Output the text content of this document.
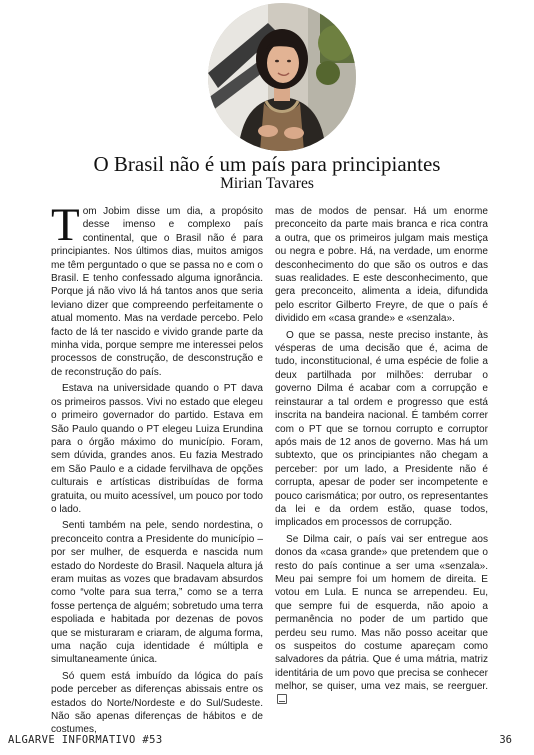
O Brasil não é um país para principiantes
Mirian Tavares

Tom Jobim disse um dia, a propósito desse imenso e complexo país continental, que o Brasil não é para principiantes. Nos últimos dias, muitos amigos me têm perguntado o que se passa no e com o Brasil. E tenho confessado alguma ignorância. Porque já não vivo lá há tantos anos que seria leviano dizer que compreendo perfeitamente o atual momento. Mas na verdade percebo. Pelo facto de lá ter nascido e vivido grande parte da minha vida, porque sempre me interessei pelos processos de construção, de desconstrução e de reconstrução do país.

Estava na universidade quando o PT dava os primeiros passos. Vivi no estado que elegeu o primeiro governador do partido. Estava em São Paulo quando o PT elegeu Luiza Erundina para o órgão máximo do município. Foram, sem dúvida, grandes anos. Eu fazia Mestrado em São Paulo e a cidade fervilhava de opções culturais e artísticas distribuídas de forma gratuita, ou muito acessível, um pouco por todo o lado.

Senti também na pele, sendo nordestina, o preconceito contra a Presidente do município – por ser mulher, de esquerda e nascida num estado do Nordeste do Brasil. Naquela altura já eram muitas as vozes que bradavam absurdos como “volte para sua terra,” como se a terra fosse pertença de alguém; sobretudo uma terra espoliada e habitada por dezenas de povos que se misturaram e criaram, de alguma forma, uma nação cuja identidade é múltipla e simultaneamente única.

Só quem está imbuído da lógica do país pode perceber as diferenças abissais entre os estados do Norte/Nordeste e do Sul/Sudeste. Não são apenas diferenças de hábitos e de costumes,

mas de modos de pensar. Há um enorme preconceito da parte mais branca e rica contra a outra, que os primeiros julgam mais mestiça ou negra e pobre. Há, na verdade, um enorme desconhecimento do que são os outros e das suas realidades. E este desconhecimento, que gera preconceito, alimenta a ideia, difundida pelo escritor Gilberto Freyre, de que o país é dividido em «casa grande» e «senzala».

O que se passa, neste preciso instante, às vésperas de uma decisão que é, acima de tudo, inconstitucional, é uma espécie de folie a deux partilhada por milhões: derrubar o governo Dilma é acabar com a corrupção e reinstaurar a tal ordem e progresso que está inscrita na bandeira nacional. É também correr com o PT que se tornou corrupto e corruptor após mais de 12 anos de governo. Mas há um subtexto, que os principiantes não chegam a perceber: por um lado, a Presidente não é corrupta, apesar de poder ser incompetente e pouco carismática; por outro, os representantes da lei e da ordem estão, quase todos, implicados em processos de corrupção.

Se Dilma cair, o país vai ser entregue aos donos da «casa grande» que pretendem que o resto do país continue a ser uma «senzala». Meu pai sempre foi um homem de direita. E votou em Lula. E nunca se arrependeu. Eu, que sempre fui de esquerda, não apoio a permanência no poder de um partido que perdeu seu rumo. Mas não posso aceitar que os suspeitos do costume apareçam como salvadores da pátria. Que é uma mátria, matriz identitária de um povo que precisa se conhecer melhor, se quiser, uma vez mais, se reerguer.

ALGARVE INFORMATIVO #53	36
